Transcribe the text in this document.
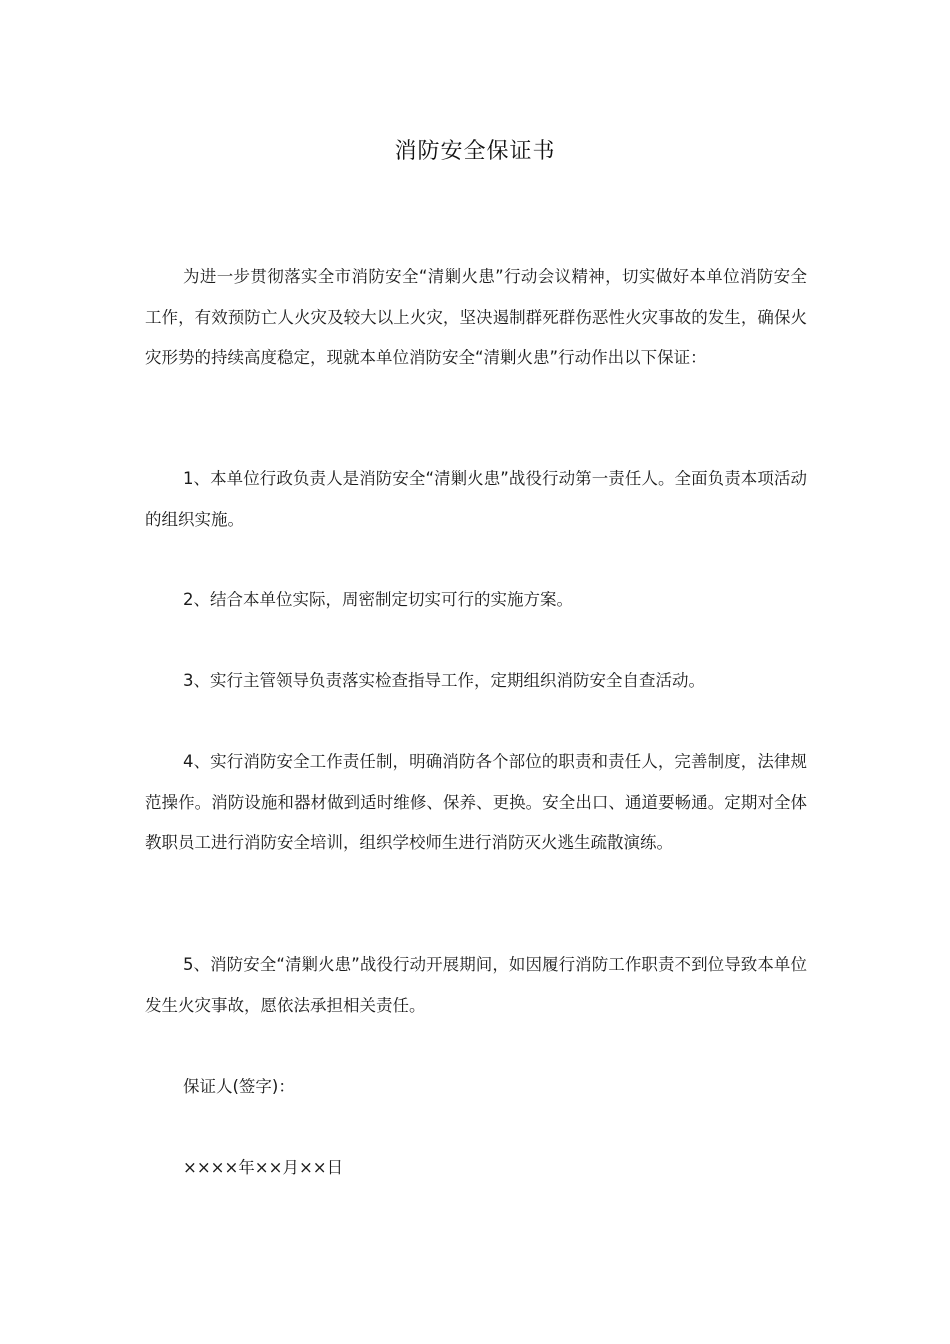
消防安全保证书

为进一步贯彻落实全市消防安全“清剿火患”行动会议精神，切实做好本单位消防安全工作，有效预防亡人火灾及较大以上火灾，坚决遏制群死群伤恶性火灾事故的发生，确保火灾形势的持续高度稳定，现就本单位消防安全“清剿火患”行动作出以下保证：

1、本单位行政负责人是消防安全“清剿火患”战役行动第一责任人。全面负责本项活动的组织实施。

2、结合本单位实际，周密制定切实可行的实施方案。

3、实行主管领导负责落实检查指导工作，定期组织消防安全自查活动。

4、实行消防安全工作责任制，明确消防各个部位的职责和责任人，完善制度，法律规范操作。消防设施和器材做到适时维修、保养、更换。安全出口、通道要畅通。定期对全体教职员工进行消防安全培训，组织学校师生进行消防灭火逃生疏散演练。

5、消防安全“清剿火患”战役行动开展期间，如因履行消防工作职责不到位导致本单位发生火灾事故，愿依法承担相关责任。

保证人(签字)：

××××年××月××日
